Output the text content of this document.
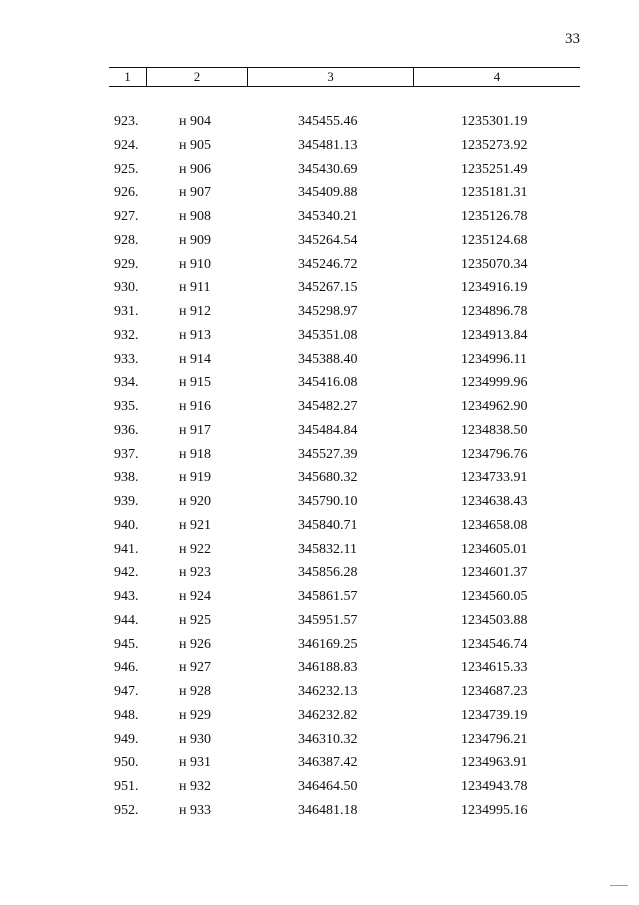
33
1	2	3	4
923.	н 904	345455.46	1235301.19
924.	н 905	345481.13	1235273.92
925.	н 906	345430.69	1235251.49
926.	н 907	345409.88	1235181.31
927.	н 908	345340.21	1235126.78
928.	н 909	345264.54	1235124.68
929.	н 910	345246.72	1235070.34
930.	н 911	345267.15	1234916.19
931.	н 912	345298.97	1234896.78
932.	н 913	345351.08	1234913.84
933.	н 914	345388.40	1234996.11
934.	н 915	345416.08	1234999.96
935.	н 916	345482.27	1234962.90
936.	н 917	345484.84	1234838.50
937.	н 918	345527.39	1234796.76
938.	н 919	345680.32	1234733.91
939.	н 920	345790.10	1234638.43
940.	н 921	345840.71	1234658.08
941.	н 922	345832.11	1234605.01
942.	н 923	345856.28	1234601.37
943.	н 924	345861.57	1234560.05
944.	н 925	345951.57	1234503.88
945.	н 926	346169.25	1234546.74
946.	н 927	346188.83	1234615.33
947.	н 928	346232.13	1234687.23
948.	н 929	346232.82	1234739.19
949.	н 930	346310.32	1234796.21
950.	н 931	346387.42	1234963.91
951.	н 932	346464.50	1234943.78
952.	н 933	346481.18	1234995.16
